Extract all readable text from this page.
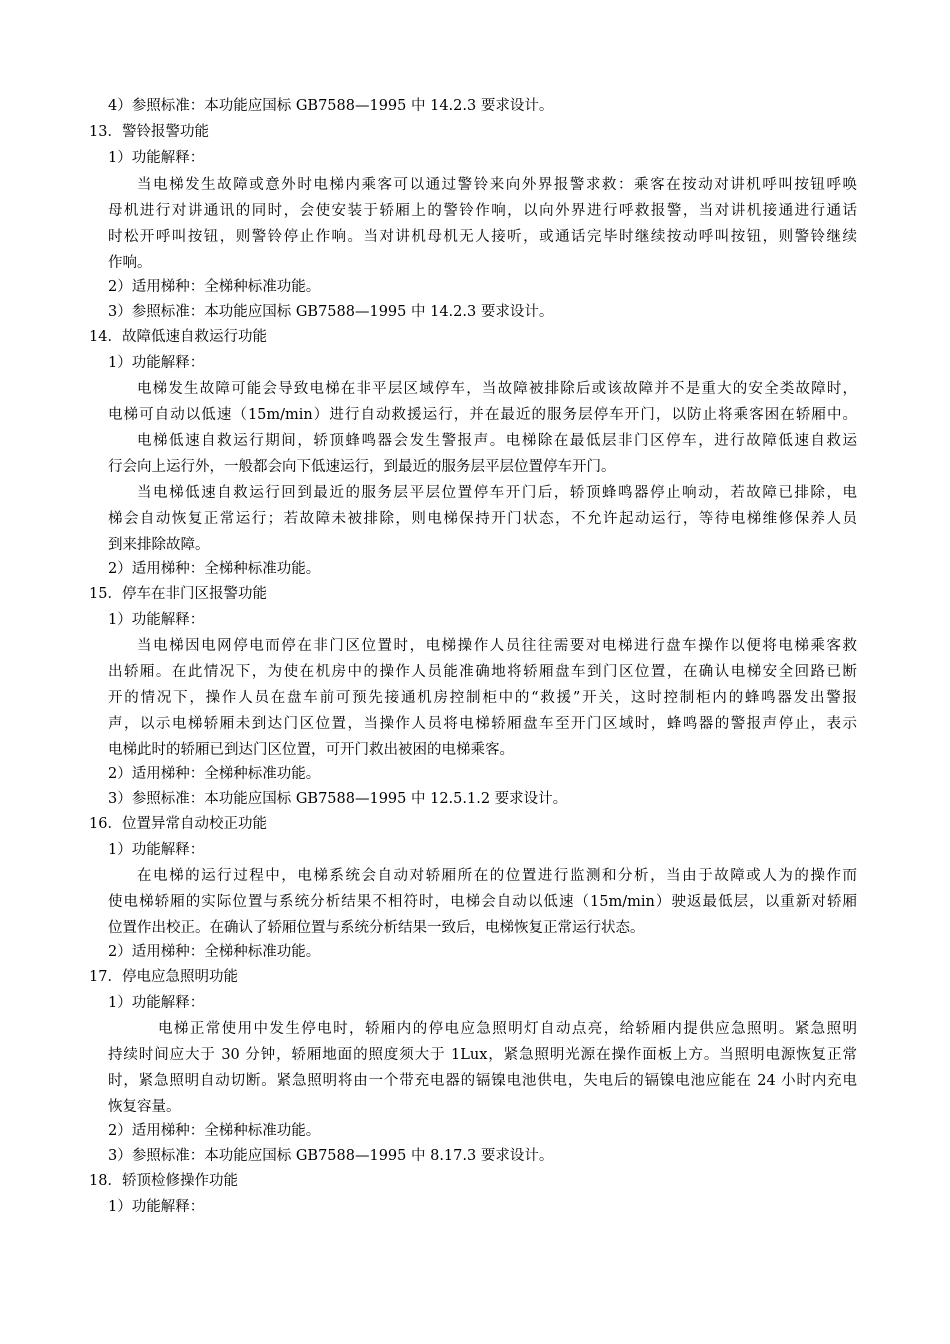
4）参照标准：本功能应国标 GB7588—1995 中 14.2.3 要求设计。
13．警铃报警功能
1）功能解释：
当电梯发生故障或意外时电梯内乘客可以通过警铃来向外界报警求救：乘客在按动对讲机呼叫按钮呼唤
母机进行对讲通讯的同时，会使安装于轿厢上的警铃作响，以向外界进行呼救报警，当对讲机接通进行通话
时松开呼叫按钮，则警铃停止作响。当对讲机母机无人接听，或通话完毕时继续按动呼叫按钮，则警铃继续
作响。
2）适用梯种：全梯种标准功能。
3）参照标准：本功能应国标 GB7588—1995 中 14.2.3 要求设计。
14．故障低速自救运行功能
1）功能解释：
电梯发生故障可能会导致电梯在非平层区域停车，当故障被排除后或该故障并不是重大的安全类故障时，
电梯可自动以低速（15m/min）进行自动救援运行，并在最近的服务层停车开门，以防止将乘客困在轿厢中。
电梯低速自救运行期间，轿顶蜂鸣器会发生警报声。电梯除在最低层非门区停车，进行故障低速自救运
行会向上运行外，一般都会向下低速运行，到最近的服务层平层位置停车开门。
当电梯低速自救运行回到最近的服务层平层位置停车开门后，轿顶蜂鸣器停止响动，若故障已排除，电
梯会自动恢复正常运行；若故障未被排除，则电梯保持开门状态，不允许起动运行，等待电梯维修保养人员
到来排除故障。
2）适用梯种：全梯种标准功能。
15．停车在非门区报警功能
1）功能解释：
当电梯因电网停电而停在非门区位置时，电梯操作人员往往需要对电梯进行盘车操作以便将电梯乘客救
出轿厢。在此情况下，为使在机房中的操作人员能准确地将轿厢盘车到门区位置，在确认电梯安全回路已断
开的情况下，操作人员在盘车前可预先接通机房控制柜中的“救援”开关，这时控制柜内的蜂鸣器发出警报
声，以示电梯轿厢未到达门区位置，当操作人员将电梯轿厢盘车至开门区域时，蜂鸣器的警报声停止，表示
电梯此时的轿厢已到达门区位置，可开门救出被困的电梯乘客。
2）适用梯种：全梯种标准功能。
3）参照标准：本功能应国标 GB7588—1995 中 12.5.1.2 要求设计。
16．位置异常自动校正功能
1）功能解释：
在电梯的运行过程中，电梯系统会自动对轿厢所在的位置进行监测和分析，当由于故障或人为的操作而
使电梯轿厢的实际位置与系统分析结果不相符时，电梯会自动以低速（15m/min）驶返最低层，以重新对轿厢
位置作出校正。在确认了轿厢位置与系统分析结果一致后，电梯恢复正常运行状态。
2）适用梯种：全梯种标准功能。
17．停电应急照明功能
1）功能解释：
电梯正常使用中发生停电时，轿厢内的停电应急照明灯自动点亮，给轿厢内提供应急照明。紧急照明
持续时间应大于 30 分钟，轿厢地面的照度须大于 1Lux，紧急照明光源在操作面板上方。当照明电源恢复正常
时，紧急照明自动切断。紧急照明将由一个带充电器的镉镍电池供电，失电后的镉镍电池应能在 24 小时内充电
恢复容量。
2）适用梯种：全梯种标准功能。
3）参照标准：本功能应国标 GB7588—1995 中 8.17.3 要求设计。
18．轿顶检修操作功能
1）功能解释：
